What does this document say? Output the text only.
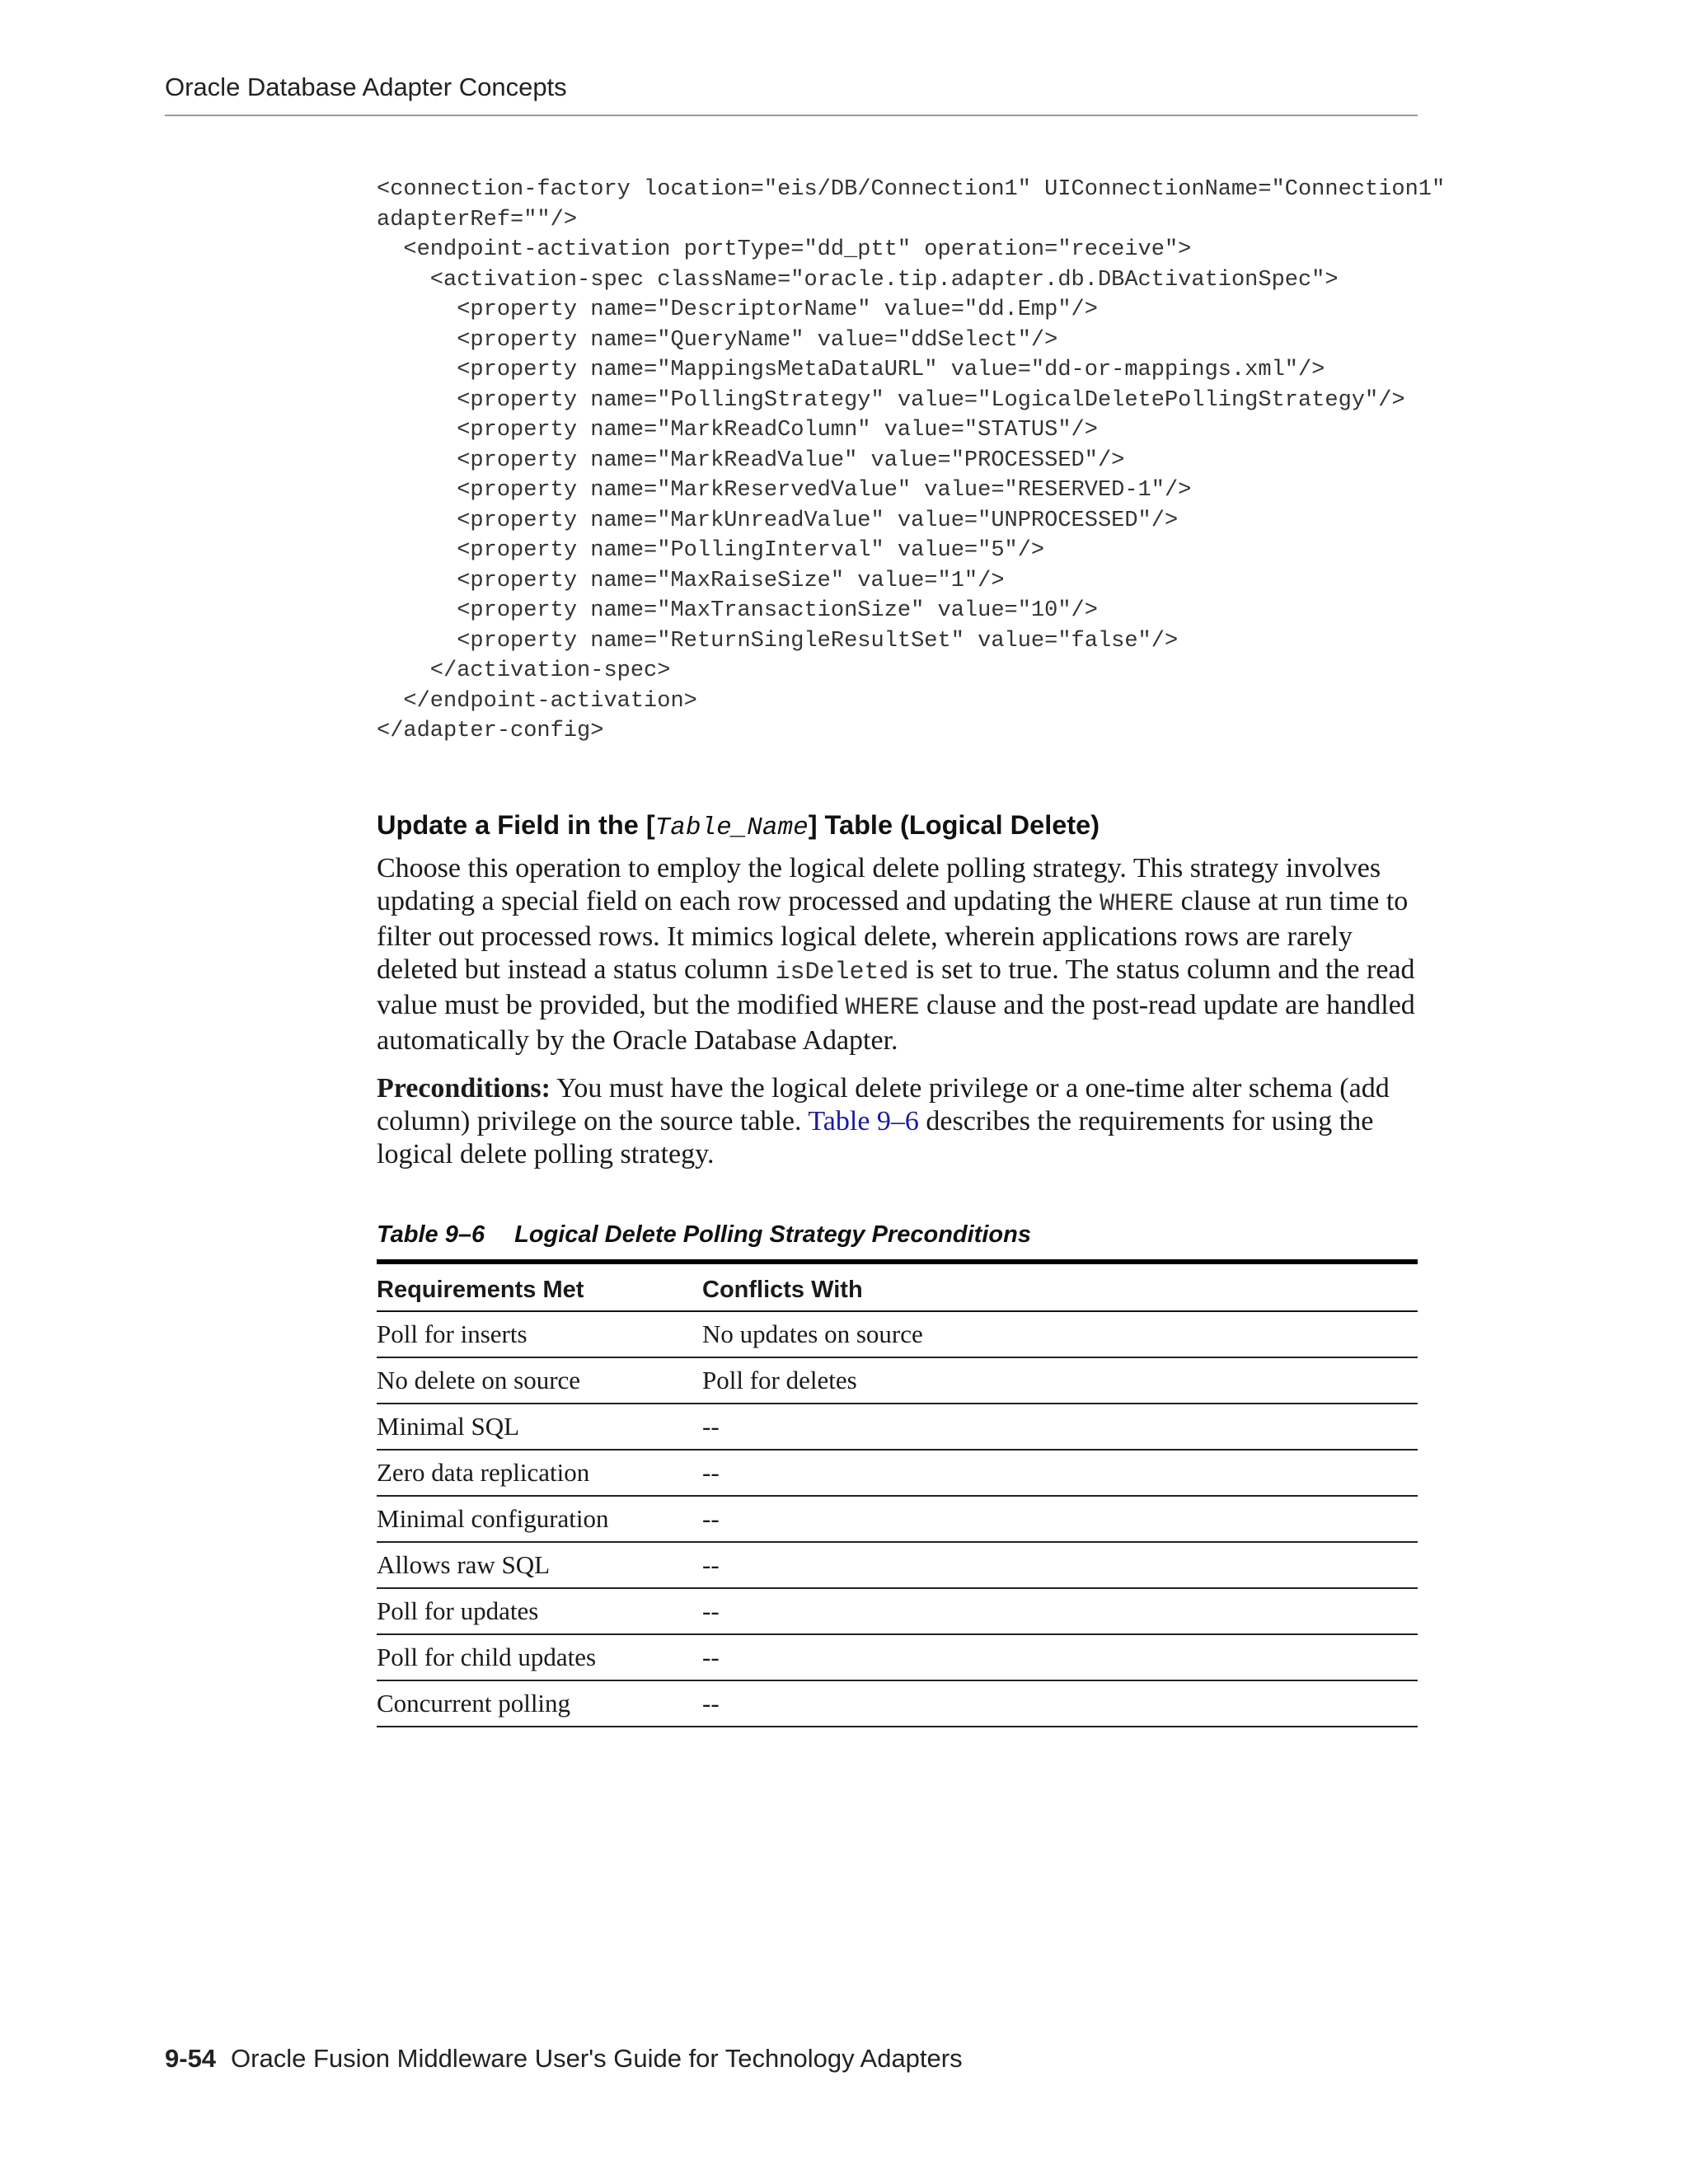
Oracle Database Adapter Concepts
<connection-factory location="eis/DB/Connection1" UIConnectionName="Connection1"
adapterRef=""/>
<endpoint-activation portType="dd_ptt" operation="receive">
<activation-spec className="oracle.tip.adapter.db.DBActivationSpec">
<property name="DescriptorName" value="dd.Emp"/>
<property name="QueryName" value="ddSelect"/>
<property name="MappingsMetaDataURL" value="dd-or-mappings.xml"/>
<property name="PollingStrategy" value="LogicalDeletePollingStrategy"/>
<property name="MarkReadColumn" value="STATUS"/>
<property name="MarkReadValue" value="PROCESSED"/>
<property name="MarkReservedValue" value="RESERVED-1"/>
<property name="MarkUnreadValue" value="UNPROCESSED"/>
<property name="PollingInterval" value="5"/>
<property name="MaxRaiseSize" value="1"/>
<property name="MaxTransactionSize" value="10"/>
<property name="ReturnSingleResultSet" value="false"/>
</activation-spec>
</endpoint-activation>
</adapter-config>
Update a Field in the [Table_Name] Table (Logical Delete)

Choose this operation to employ the logical delete polling strategy. This strategy involves updating a special field on each row processed and updating the WHERE clause at run time to filter out processed rows. It mimics logical delete, wherein applications rows are rarely deleted but instead a status column isDeleted is set to true. The status column and the read value must be provided, but the modified WHERE clause and the post-read update are handled automatically by the Oracle Database Adapter.

Preconditions: You must have the logical delete privilege or a one-time alter schema (add column) privilege on the source table. Table 9–6 describes the requirements for using the logical delete polling strategy.

Table 9–6 Logical Delete Polling Strategy Preconditions
Requirements Met	Conflicts With
Poll for inserts	No updates on source
No delete on source	Poll for deletes
Minimal SQL	--
Zero data replication	--
Minimal configuration	--
Allows raw SQL	--
Poll for updates	--
Poll for child updates	--
Concurrent polling	--
9-54 Oracle Fusion Middleware User's Guide for Technology Adapters
